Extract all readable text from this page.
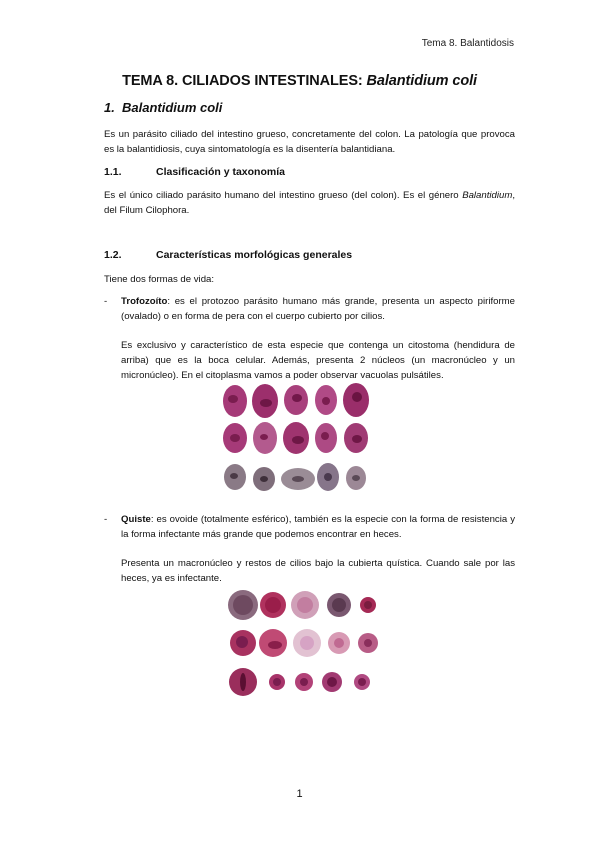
Tema 8. Balantidosis
TEMA 8. CILIADOS INTESTINALES: Balantidium coli
1. Balantidium coli
Es un parásito ciliado del intestino grueso, concretamente del colon. La patología que provoca es la balantidiosis, cuya sintomatología es la disentería balantidiana.
1.1.	Clasificación y taxonomía
Es el único ciliado parásito humano del intestino grueso (del colon). Es el género Balantidium, del Filum Cilophora.
1.2.	Características morfológicas generales
Tiene dos formas de vida:
- Trofozoíto: es el protozoo parásito humano más grande, presenta un aspecto piriforme (ovalado) o en forma de pera con el cuerpo cubierto por cilios.
Es exclusivo y característico de esta especie que contenga un citostoma (hendidura de arriba) que es la boca celular. Además, presenta 2 núcleos (un macronúcleo y un micronúcleo). En el citoplasma vamos a poder observar vacuolas pulsátiles.
- Quiste: es ovoide (totalmente esférico), también es la especie con la forma de resistencia y la forma infectante más grande que podemos encontrar en heces.
Presenta un macronúcleo y restos de cilios bajo la cubierta quística. Cuando sale por las heces, ya es infectante.
1
